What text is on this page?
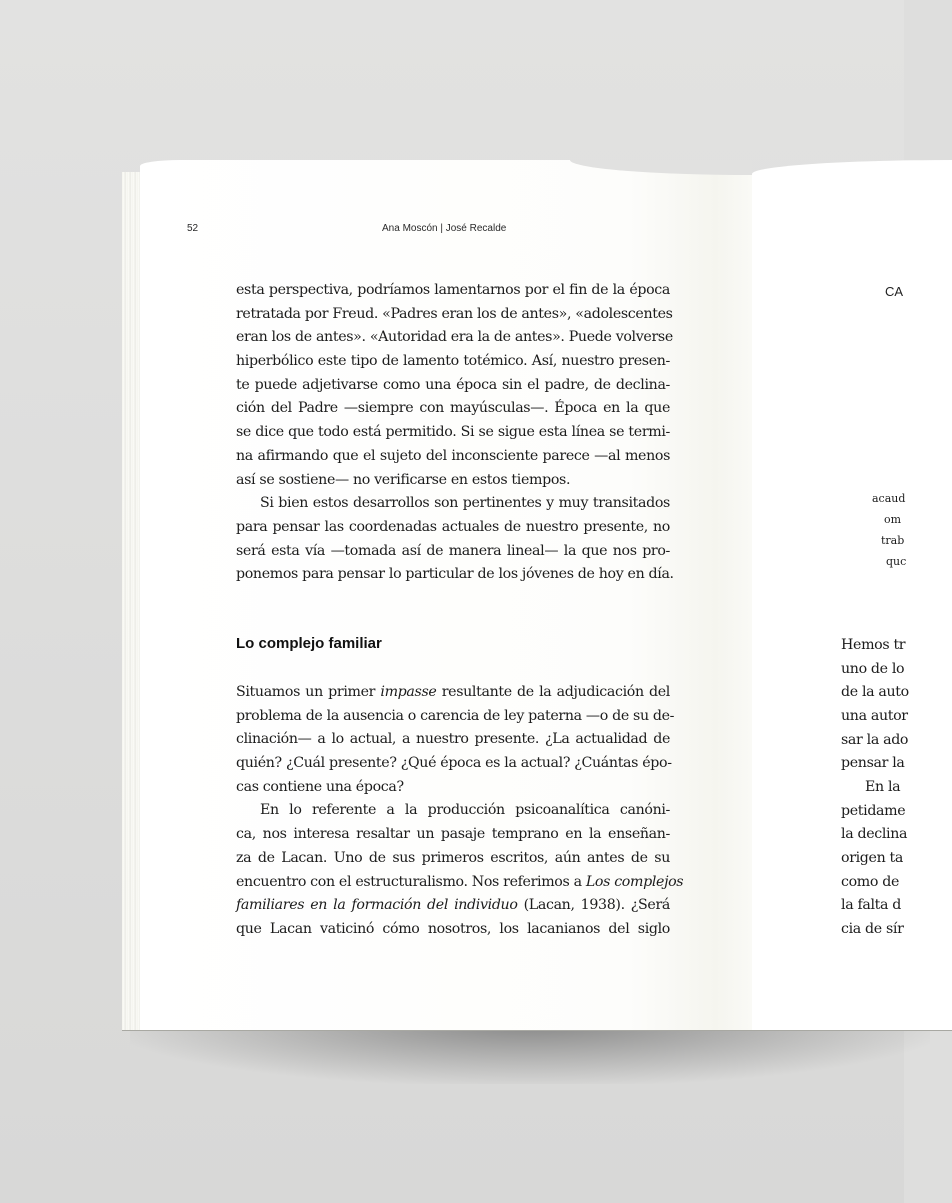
52	Ana Moscón | José Recalde
esta perspectiva, podríamos lamentarnos por el fin de la época
retratada por Freud. «Padres eran los de antes», «adolescentes
eran los de antes». «Autoridad era la de antes». Puede volverse
hiperbólico este tipo de lamento totémico. Así, nuestro presen-
te puede adjetivarse como una época sin el padre, de declina-
ción del Padre —siempre con mayúsculas—. Época en la que
se dice que todo está permitido. Si se sigue esta línea se termi-
na afirmando que el sujeto del inconsciente parece —al menos
así se sostiene— no verificarse en estos tiempos.
Si bien estos desarrollos son pertinentes y muy transitados
para pensar las coordenadas actuales de nuestro presente, no
será esta vía —tomada así de manera lineal— la que nos pro-
ponemos para pensar lo particular de los jóvenes de hoy en día.
Lo complejo familiar
Situamos un primer impasse resultante de la adjudicación del
problema de la ausencia o carencia de ley paterna —o de su de-
clinación— a lo actual, a nuestro presente. ¿La actualidad de
quién? ¿Cuál presente? ¿Qué época es la actual? ¿Cuántas épo-
cas contiene una época?
En lo referente a la producción psicoanalítica canóni-
ca, nos interesa resaltar un pasaje temprano en la enseñan-
za de Lacan. Uno de sus primeros escritos, aún antes de su
encuentro con el estructuralismo. Nos referimos a Los complejos
familiares en la formación del individuo (Lacan, 1938). ¿Será
que Lacan vaticinó cómo nosotros, los lacanianos del siglo
CA
acaud
om
trab
quc
Hemos tr
uno de lo
de la auto
una autor
sar la ado
pensar la
En la
petidame
la declina
origen ta
como de
la falta d
cia de sír
